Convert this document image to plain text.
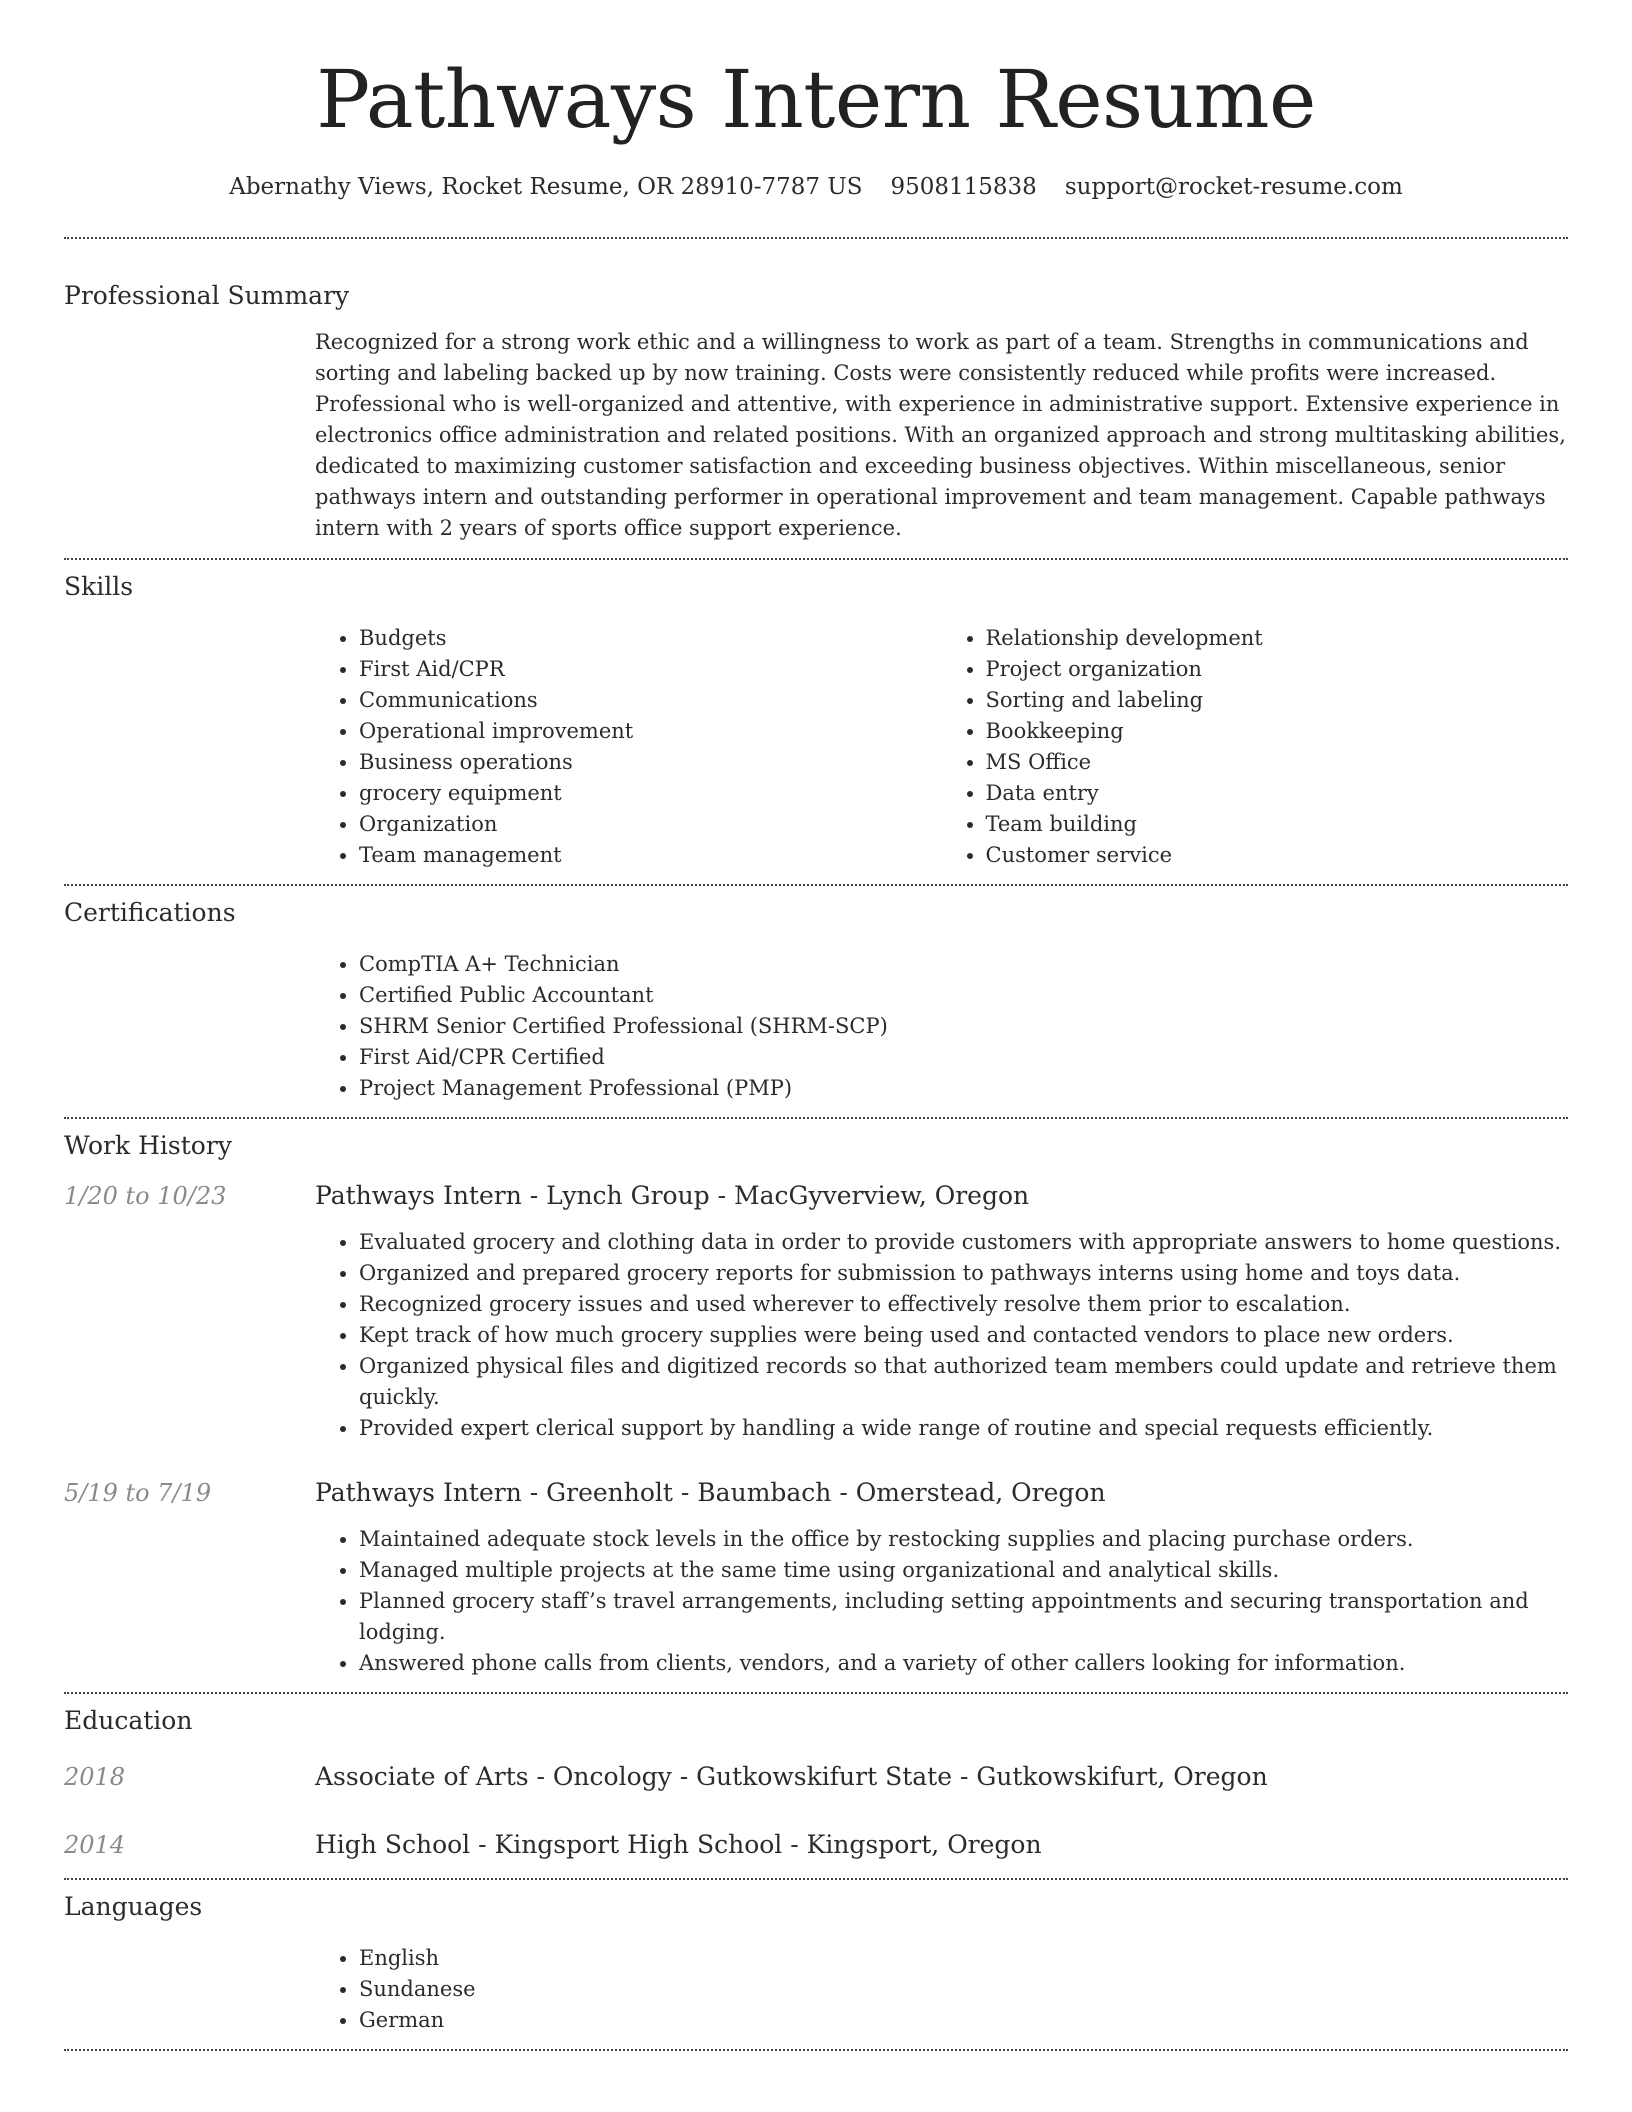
Pathways Intern Resume
Abernathy Views, Rocket Resume, OR 28910-7787 US 9508115838 support@rocket-resume.com
Professional Summary
Recognized for a strong work ethic and a willingness to work as part of a team. Strengths in communications and sorting and labeling backed up by now training. Costs were consistently reduced while profits were increased. Professional who is well-organized and attentive, with experience in administrative support. Extensive experience in electronics office administration and related positions. With an organized approach and strong multitasking abilities, dedicated to maximizing customer satisfaction and exceeding business objectives. Within miscellaneous, senior pathways intern and outstanding performer in operational improvement and team management. Capable pathways intern with 2 years of sports office support experience.
Skills
• Budgets
• First Aid/CPR
• Communications
• Operational improvement
• Business operations
• grocery equipment
• Organization
• Team management
• Relationship development
• Project organization
• Sorting and labeling
• Bookkeeping
• MS Office
• Data entry
• Team building
• Customer service
Certifications
• CompTIA A+ Technician
• Certified Public Accountant
• SHRM Senior Certified Professional (SHRM-SCP)
• First Aid/CPR Certified
• Project Management Professional (PMP)
Work History
1/20 to 10/23	Pathways Intern - Lynch Group - MacGyverview, Oregon
• Evaluated grocery and clothing data in order to provide customers with appropriate answers to home questions.
• Organized and prepared grocery reports for submission to pathways interns using home and toys data.
• Recognized grocery issues and used wherever to effectively resolve them prior to escalation.
• Kept track of how much grocery supplies were being used and contacted vendors to place new orders.
• Organized physical files and digitized records so that authorized team members could update and retrieve them quickly.
• Provided expert clerical support by handling a wide range of routine and special requests efficiently.
5/19 to 7/19	Pathways Intern - Greenholt - Baumbach - Omerstead, Oregon
• Maintained adequate stock levels in the office by restocking supplies and placing purchase orders.
• Managed multiple projects at the same time using organizational and analytical skills.
• Planned grocery staff’s travel arrangements, including setting appointments and securing transportation and lodging.
• Answered phone calls from clients, vendors, and a variety of other callers looking for information.
Education
2018	Associate of Arts - Oncology - Gutkowskifurt State - Gutkowskifurt, Oregon
2014	High School - Kingsport High School - Kingsport, Oregon
Languages
• English
• Sundanese
• German
